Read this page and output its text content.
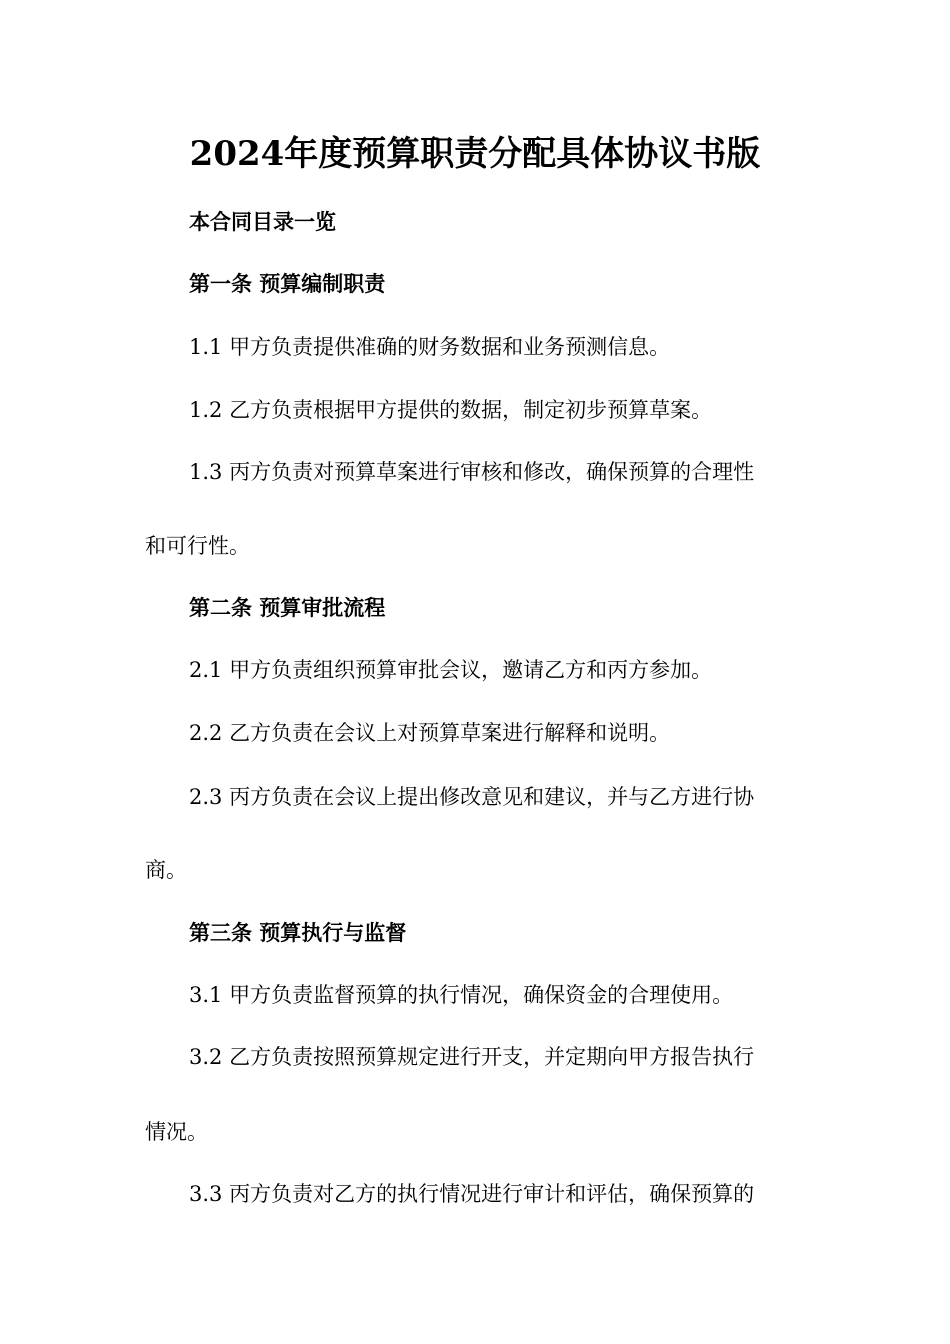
2024年度预算职责分配具体协议书版
本合同目录一览
第一条 预算编制职责
1.1 甲方负责提供准确的财务数据和业务预测信息。
1.2 乙方负责根据甲方提供的数据，制定初步预算草案。
1.3 丙方负责对预算草案进行审核和修改，确保预算的合理性
和可行性。
第二条 预算审批流程
2.1 甲方负责组织预算审批会议，邀请乙方和丙方参加。
2.2 乙方负责在会议上对预算草案进行解释和说明。
2.3 丙方负责在会议上提出修改意见和建议，并与乙方进行协
商。
第三条 预算执行与监督
3.1 甲方负责监督预算的执行情况，确保资金的合理使用。
3.2 乙方负责按照预算规定进行开支，并定期向甲方报告执行
情况。
3.3 丙方负责对乙方的执行情况进行审计和评估，确保预算的
